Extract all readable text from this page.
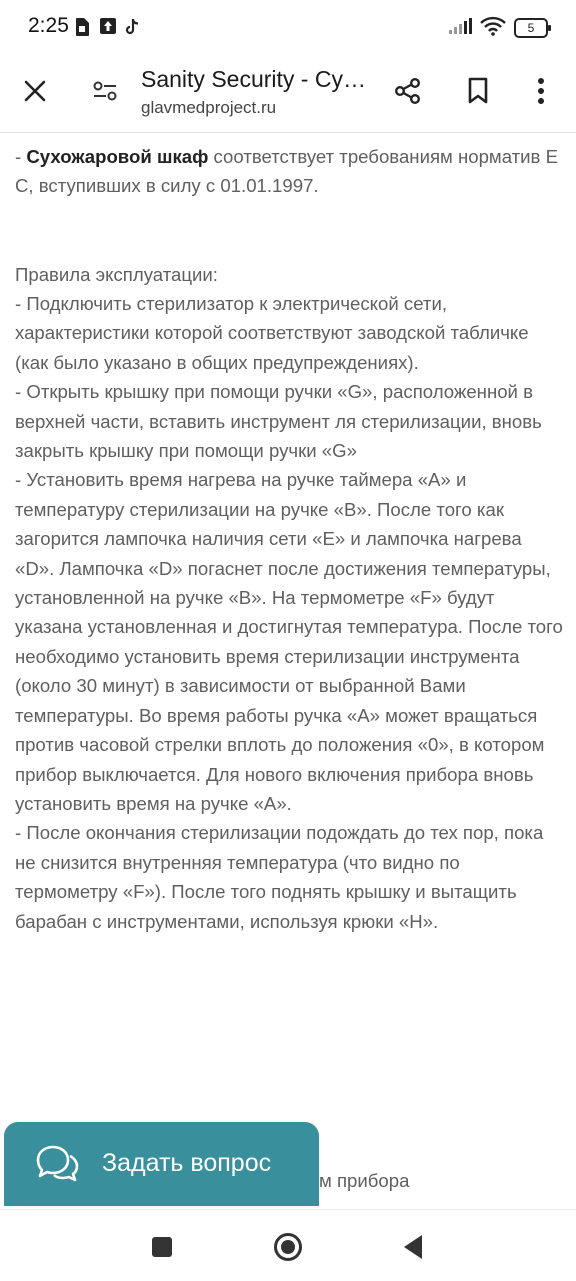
2:25	5
Sanity Security - Су…
glavmedproject.ru

- Сухожаровой шкаф соответствует требованиям норматив Е С, вступивших в силу с 01.01.1997.

Правила эксплуатации:

- Подключить стерилизатор к электрической сети, характеристики которой соответствуют заводской табличке (как было указано в общих предупреждениях).

- Открыть крышку при помощи ручки «G», расположенной в верхней части, вставить инструмент ля стерилизации, вновь закрыть крышку при помощи ручки «G»

- Установить время нагрева на ручке таймера «А» и температуру стерилизации на ручке «В». После того как загорится лампочка наличия сети «Е» и лампочка нагрева «D». Лампочка «D» погаснет после достижения температуры, установленной на ручке «В». На термометре «F» будут указана установленная и достигнутая температура. После того необходимо установить время стерилизации инструмента (около 30 минут) в зависимости от выбранной Вами температуры. Во время работы ручка «А» может вращаться против часовой стрелки вплоть до положения «0», в котором прибор выключается. Для нового включения прибора вновь установить время на ручке «А».

- После окончания стерилизации подождать до тех пор, пока не снизится внутренняя температура (что видно по термометру «F»). После того поднять крышку и вытащить барабан с инструментами, используя крюки «Н».

м прибора
Задать вопрос
